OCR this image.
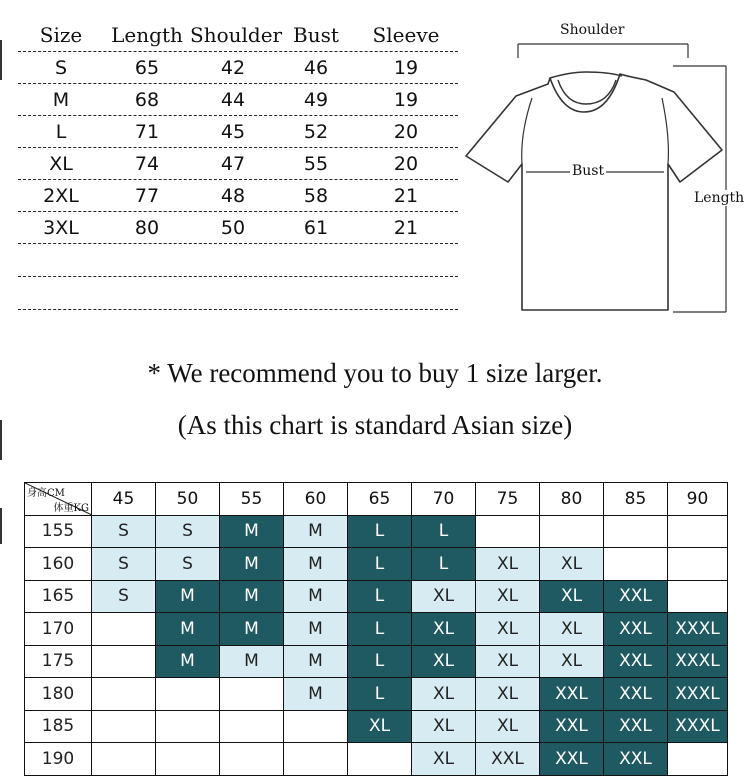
Size	Length Shoulder Bust	Sleeve
S	65	42	46	19
M	68	44	49	19
L	71	45	52	20
XL	74	47	55	20
2XL	77	48	58	21
3XL	80	50	61	21
Shoulder
Bust
Length
* We recommend you to buy 1 size larger.
(As this chart is standard Asian size)
身高CM
体重KG	45	50	55	60	65	70	75	80	85	90
155	S	S	M	M	L	L				
160	S	S	M	M	L	L	XL	XL		
165	S	M	M	M	L	XL	XL	XL	XXL	
170		M	M	M	L	XL	XL	XL	XXL	XXXL
175		M	M	M	L	XL	XL	XL	XXL	XXXL
180				M	L	XL	XL	XXL	XXL	XXXL
185					XL	XL	XL	XXL	XXL	XXXL
190						XL	XXL	XXL	XXL	
